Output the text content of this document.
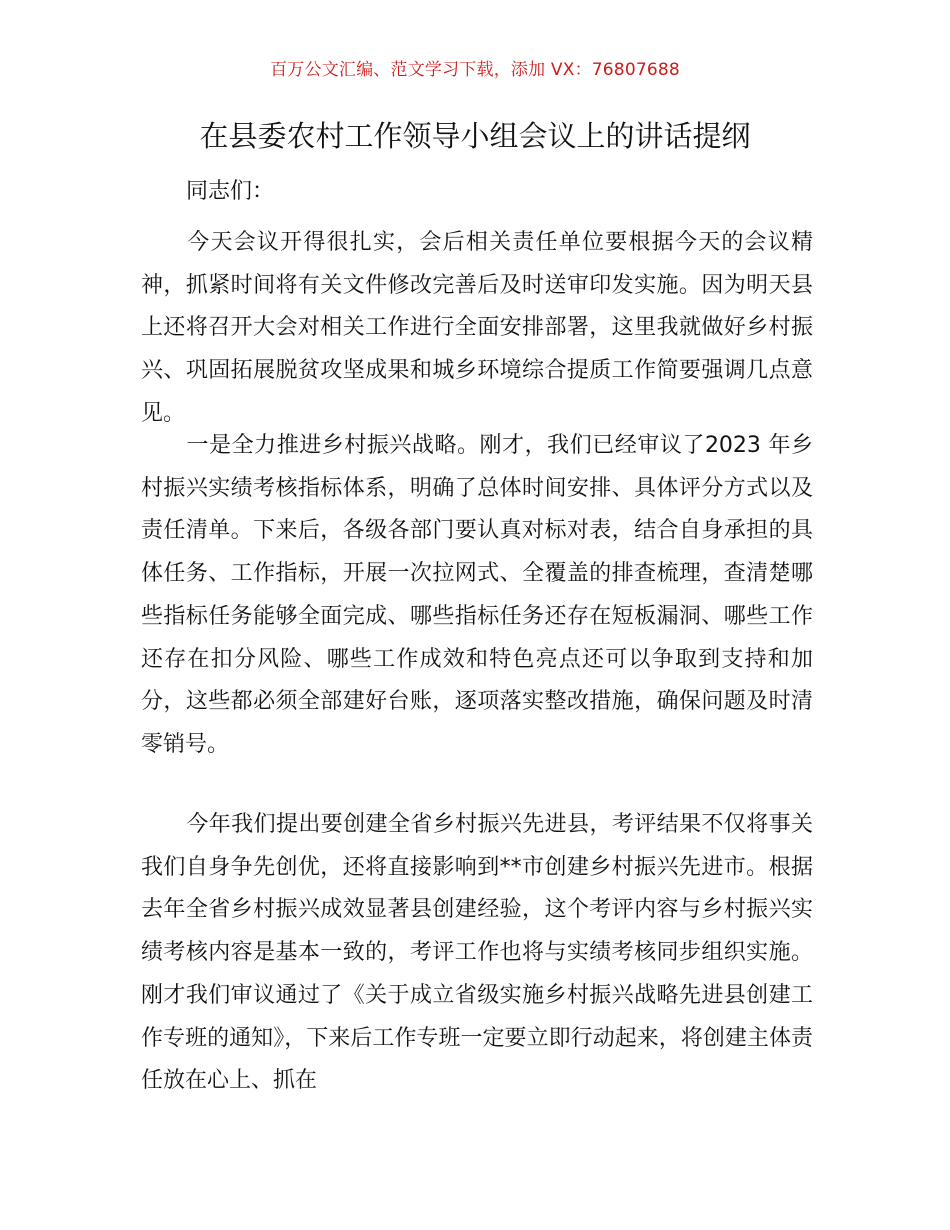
百万公文汇编、范文学习下载，添加 VX：76807688
在县委农村工作领导小组会议上的讲话提纲
同志们：

今天会议开得很扎实，会后相关责任单位要根据今天的会议精神，抓紧时间将有关文件修改完善后及时送审印发实施。因为明天县上还将召开大会对相关工作进行全面安排部署，这里我就做好乡村振兴、巩固拓展脱贫攻坚成果和城乡环境综合提质工作简要强调几点意见。

一是全力推进乡村振兴战略。刚才，我们已经审议了2023 年乡村振兴实绩考核指标体系，明确了总体时间安排、具体评分方式以及责任清单。下来后，各级各部门要认真对标对表，结合自身承担的具体任务、工作指标，开展一次拉网式、全覆盖的排查梳理，查清楚哪些指标任务能够全面完成、哪些指标任务还存在短板漏洞、哪些工作还存在扣分风险、哪些工作成效和特色亮点还可以争取到支持和加分，这些都必须全部建好台账，逐项落实整改措施，确保问题及时清零销号。

今年我们提出要创建全省乡村振兴先进县，考评结果不仅将事关我们自身争先创优，还将直接影响到**市创建乡村振兴先进市。根据去年全省乡村振兴成效显著县创建经验，这个考评内容与乡村振兴实绩考核内容是基本一致的，考评工作也将与实绩考核同步组织实施。刚才我们审议通过了《关于成立省级实施乡村振兴战略先进县创建工作专班的通知》，下来后工作专班一定要立即行动起来，将创建主体责任放在心上、抓在
